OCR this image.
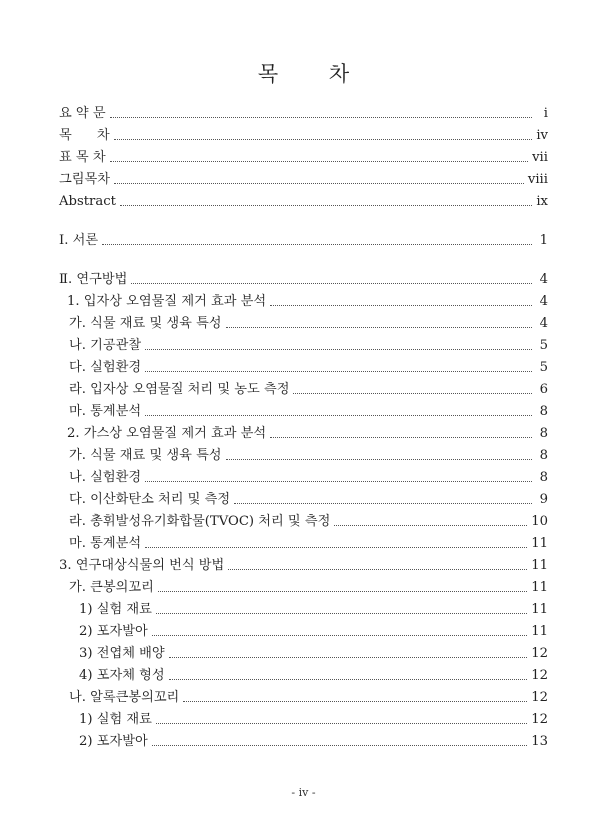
목 차
요 약 문	i
목      차	iv
표 목 차	vii
그림목차	viii
Abstract	ix
Ⅰ. 서론	1
Ⅱ. 연구방법	4
1. 입자상 오염물질 제거 효과 분석	4
가. 식물 재료 및 생육 특성	4
나. 기공관찰	5
다. 실험환경	5
라. 입자상 오염물질 처리 및 농도 측정	6
마. 통계분석	8
2. 가스상 오염물질 제거 효과 분석	8
가. 식물 재료 및 생육 특성	8
나. 실험환경	8
다. 이산화탄소 처리 및 측정	9
라. 총휘발성유기화합물(TVOC) 처리 및 측정	10
마. 통계분석	11
3. 연구대상식물의 번식 방법	11
가. 큰봉의꼬리	11
1) 실험 재료	11
2) 포자발아	11
3) 전엽체 배양	12
4) 포자체 형성	12
나. 알록큰봉의꼬리	12
1) 실험 재료	12
2) 포자발아	13
- iv -
